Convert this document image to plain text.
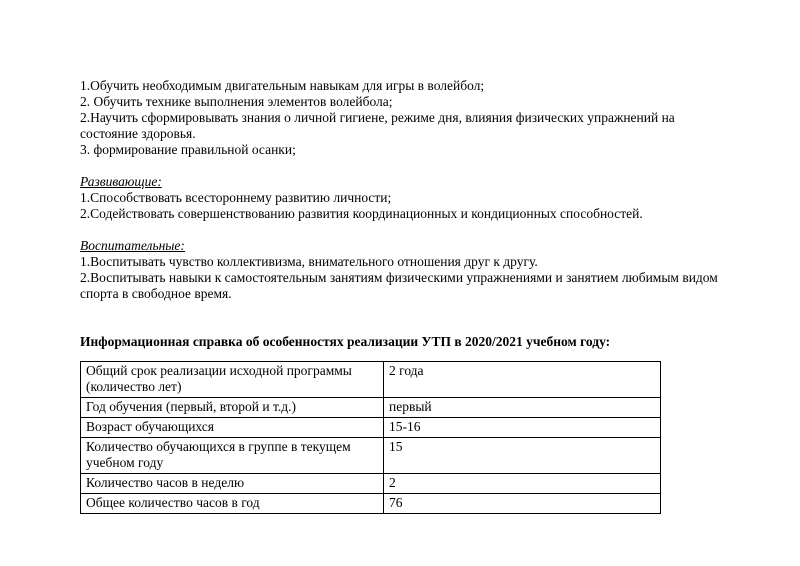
1.Обучить необходимым двигательным навыкам для игры в волейбол;
2. Обучить технике выполнения элементов волейбола;
2.Научить сформировывать знания о личной гигиене, режиме дня, влияния физических упражнений на состояние здоровья.
3. формирование правильной осанки;
Развивающие:
1.Способствовать всестороннему развитию личности;
2.Содействовать совершенствованию развития координационных и кондиционных способностей.
Воспитательные:
1.Воспитывать чувство коллективизма, внимательного отношения друг к другу.
2.Воспитывать навыки к самостоятельным занятиям физическими упражнениями и занятием любимым видом спорта в свободное время.
Информационная справка об особенностях реализации УТП в 2020/2021 учебном году:
Общий срок реализации исходной программы (количество лет)	2 года
Год обучения (первый, второй и т.д.)	первый
Возраст обучающихся	15-16
Количество обучающихся в группе в текущем учебном году	15
Количество часов в неделю	2
Общее количество часов в год	76
